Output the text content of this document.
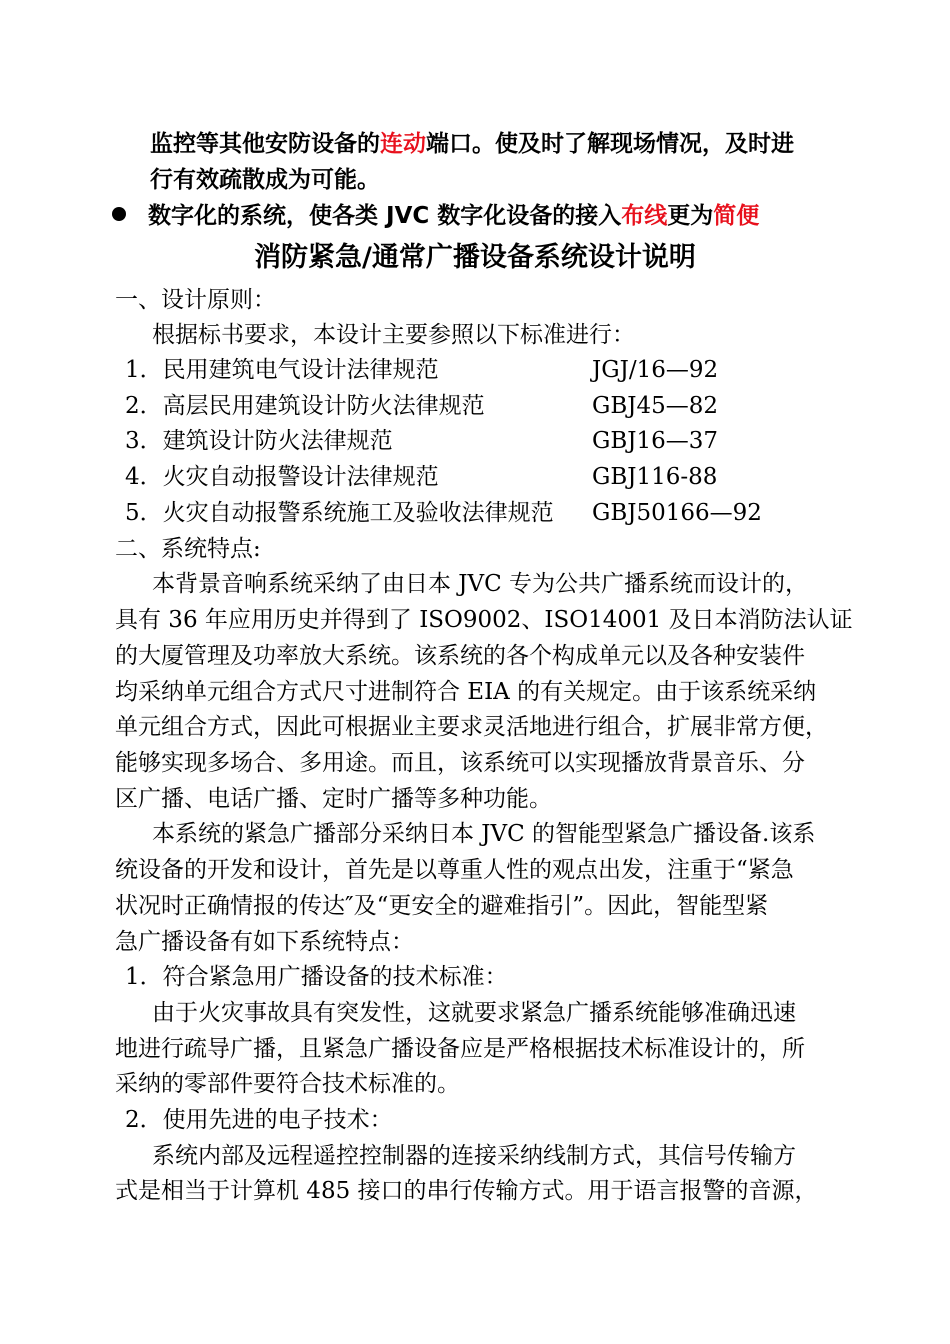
监控等其他安防设备的连动端口。使及时了解现场情况，及时进
行有效疏散成为可能。
数字化的系统，使各类 JVC 数字化设备的接入布线更为简便
消防紧急/通常广播设备系统设计说明
一、设计原则：
根据标书要求，本设计主要参照以下标准进行：
1．民用建筑电气设计法律规范	JGJ/16—92
2．高层民用建筑设计防火法律规范	GBJ45—82
3．建筑设计防火法律规范	GBJ16—37
4．火灾自动报警设计法律规范	GBJ116-88
5．火灾自动报警系统施工及验收法律规范 GBJ50166—92
二、系统特点:
本背景音响系统采纳了由日本 JVC 专为公共广播系统而设计的，
具有 36 年应用历史并得到了 ISO9002、ISO14001 及日本消防法认证
的大厦管理及功率放大系统。该系统的各个构成单元以及各种安装件
均采纳单元组合方式尺寸进制符合 EIA 的有关规定。由于该系统采纳
单元组合方式，因此可根据业主要求灵活地进行组合，扩展非常方便，
能够实现多场合、多用途。而且，该系统可以实现播放背景音乐、分
区广播、电话广播、定时广播等多种功能。
本系统的紧急广播部分采纳日本 JVC 的智能型紧急广播设备.该系
统设备的开发和设计，首先是以尊重人性的观点出发，注重于“紧急
状况时正确情报的传达″及“更安全的避难指引”。因此，智能型紧
急广播设备有如下系统特点：
1．符合紧急用广播设备的技术标准：
由于火灾事故具有突发性，这就要求紧急广播系统能够准确迅速
地进行疏导广播，且紧急广播设备应是严格根据技术标准设计的，所
采纳的零部件要符合技术标准的。
2．使用先进的电子技术：
系统内部及远程遥控控制器的连接采纳线制方式，其信号传输方
式是相当于计算机 485 接口的串行传输方式。用于语言报警的音源，
